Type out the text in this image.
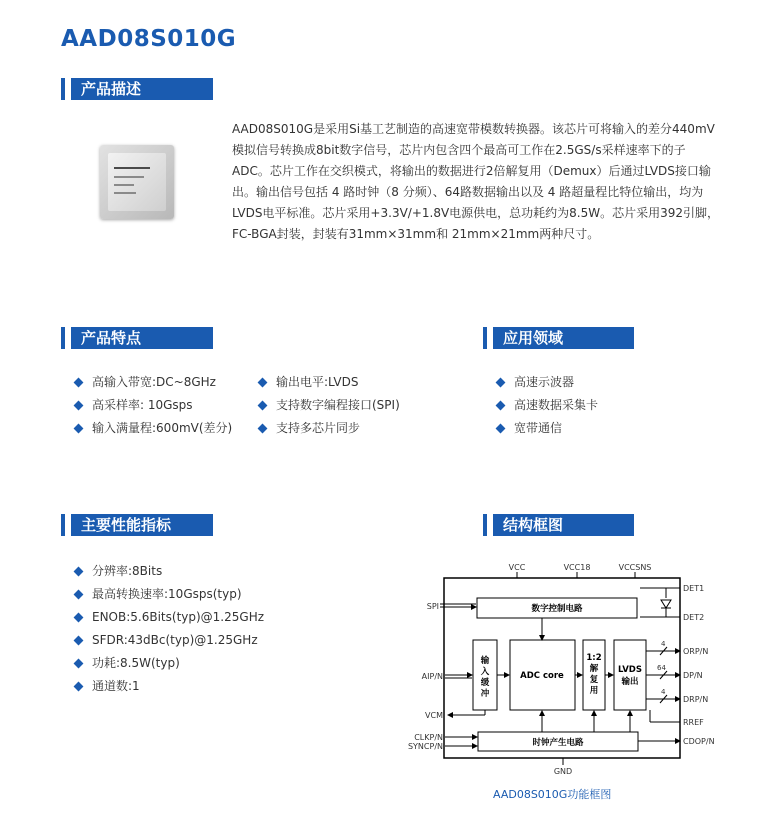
AAD08S010G
产品描述

AAD08S010G是采用Si基工艺制造的高速宽带模数转换器。该芯片可将输入的差分440mV

模拟信号转换成8bit数字信号，芯片内包含四个最高可工作在2.5GS/s采样速率下的子

ADC。芯片工作在交织模式，将输出的数据进行2倍解复用（Demux）后通过LVDS接口输

出。输出信号包括 4 路时钟（8 分频）、64路数据输出以及 4 路超量程比特位输出，均为

LVDS电平标准。芯片采用+3.3V/+1.8V电源供电，总功耗约为8.5W。芯片采用392引脚，

FC-BGA封装，封装有31mm×31mm和 21mm×21mm两种尺寸。

产品特点
高输入带宽:DC~8GHz
高采样率: 10Gsps
输入满量程:600mV(差分)
输出电平:LVDS
支持数字编程接口(SPI)
支持多芯片同步
应用领域
高速示波器
高速数据采集卡
宽带通信
主要性能指标
分辨率:8Bits
最高转换速率:10Gsps(typ)
ENOB:5.6Bits(typ)@1.25GHz
SFDR:43dBc(typ)@1.25GHz
功耗:8.5W(typ)
通道数:1
结构框图
VCC	VCC18	VCCSNS
GND
SPI
AIP/N
VCM
CLKP/N
SYNCP/N
DET1
DET2
ORP/N
DP/N
DRP/N
RREF
CDOP/N
4
64
4
数字控制电路
输
入
缓
冲
ADC core
1:2
解
复
用
LVDS
输出
时钟产生电路
AAD08S010G功能框图
